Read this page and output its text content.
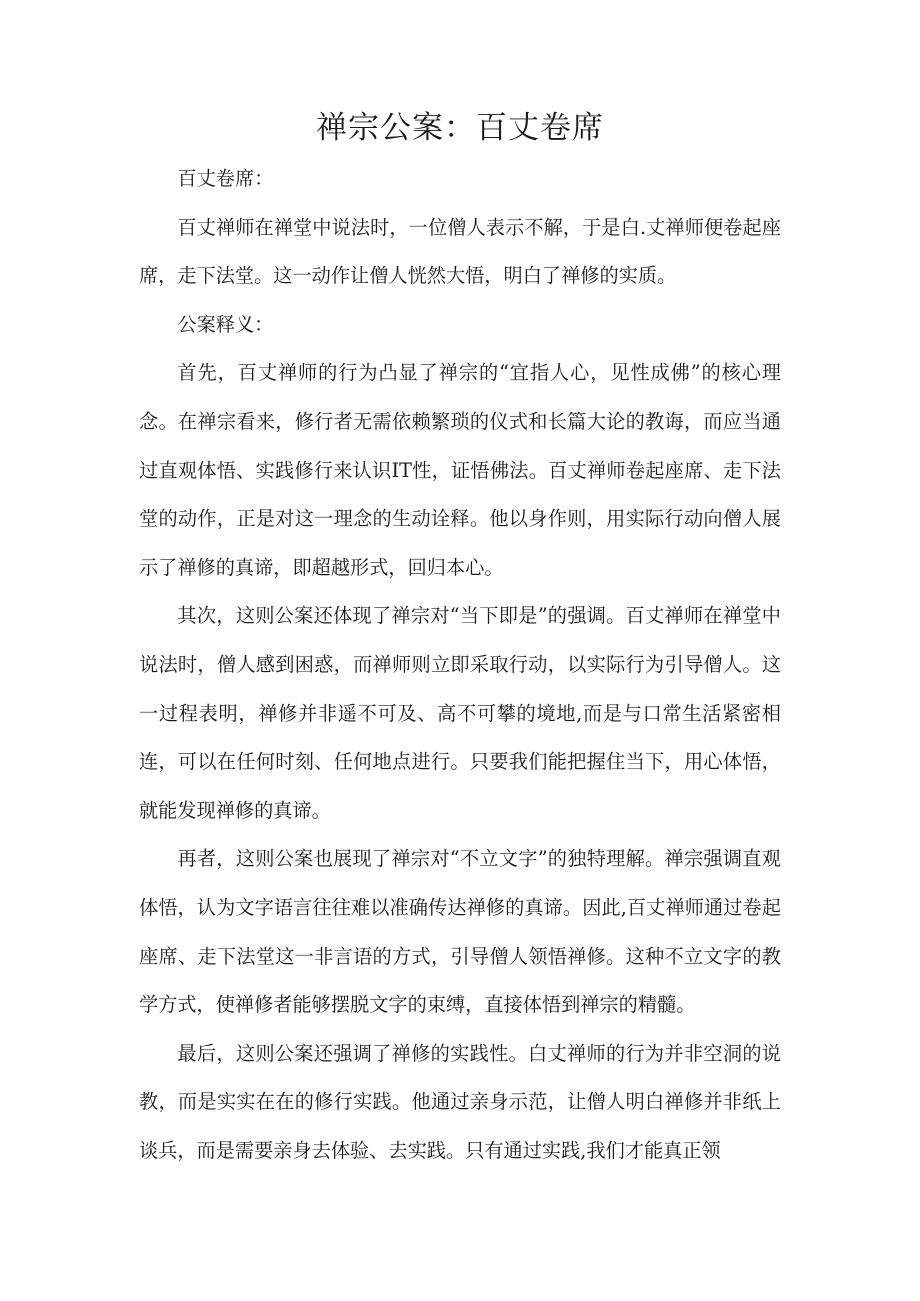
禅宗公案：百丈卷席

百丈卷席：

百丈禅师在禅堂中说法时，一位僧人表示不解，于是白.丈禅师便卷起座席，走下法堂。这一动作让僧人恍然大悟，明白了禅修的实质。

公案释义：

首先，百丈禅师的行为凸显了禅宗的“宜指人心，见性成佛”的核心理念。在禅宗看来，修行者无需依赖繁琐的仪式和长篇大论的教诲，而应当通过直观体悟、实践修行来认识IT性，证悟佛法。百丈禅师卷起座席、走下法堂的动作，正是对这一理念的生动诠释。他以身作则，用实际行动向僧人展示了禅修的真谛，即超越形式，回归本心。

其次，这则公案还体现了禅宗对“当下即是”的强调。百丈禅师在禅堂中说法时，僧人感到困惑，而禅师则立即采取行动，以实际行为引导僧人。这一过程表明，禅修并非遥不可及、高不可攀的境地,而是与口常生活紧密相连，可以在任何时刻、任何地点进行。只要我们能把握住当下，用心体悟，就能发现禅修的真谛。

再者，这则公案也展现了禅宗对“不立文字”的独特理解。禅宗强调直观体悟，认为文字语言往往难以准确传达禅修的真谛。因此,百丈禅师通过卷起座席、走下法堂这一非言语的方式，引导僧人领悟禅修。这种不立文字的教学方式，使禅修者能够摆脱文字的束缚，直接体悟到禅宗的精髓。

最后，这则公案还强调了禅修的实践性。白丈禅师的行为并非空洞的说教，而是实实在在的修行实践。他通过亲身示范，让僧人明白禅修并非纸上谈兵，而是需要亲身去体验、去实践。只有通过实践,我们才能真正领
